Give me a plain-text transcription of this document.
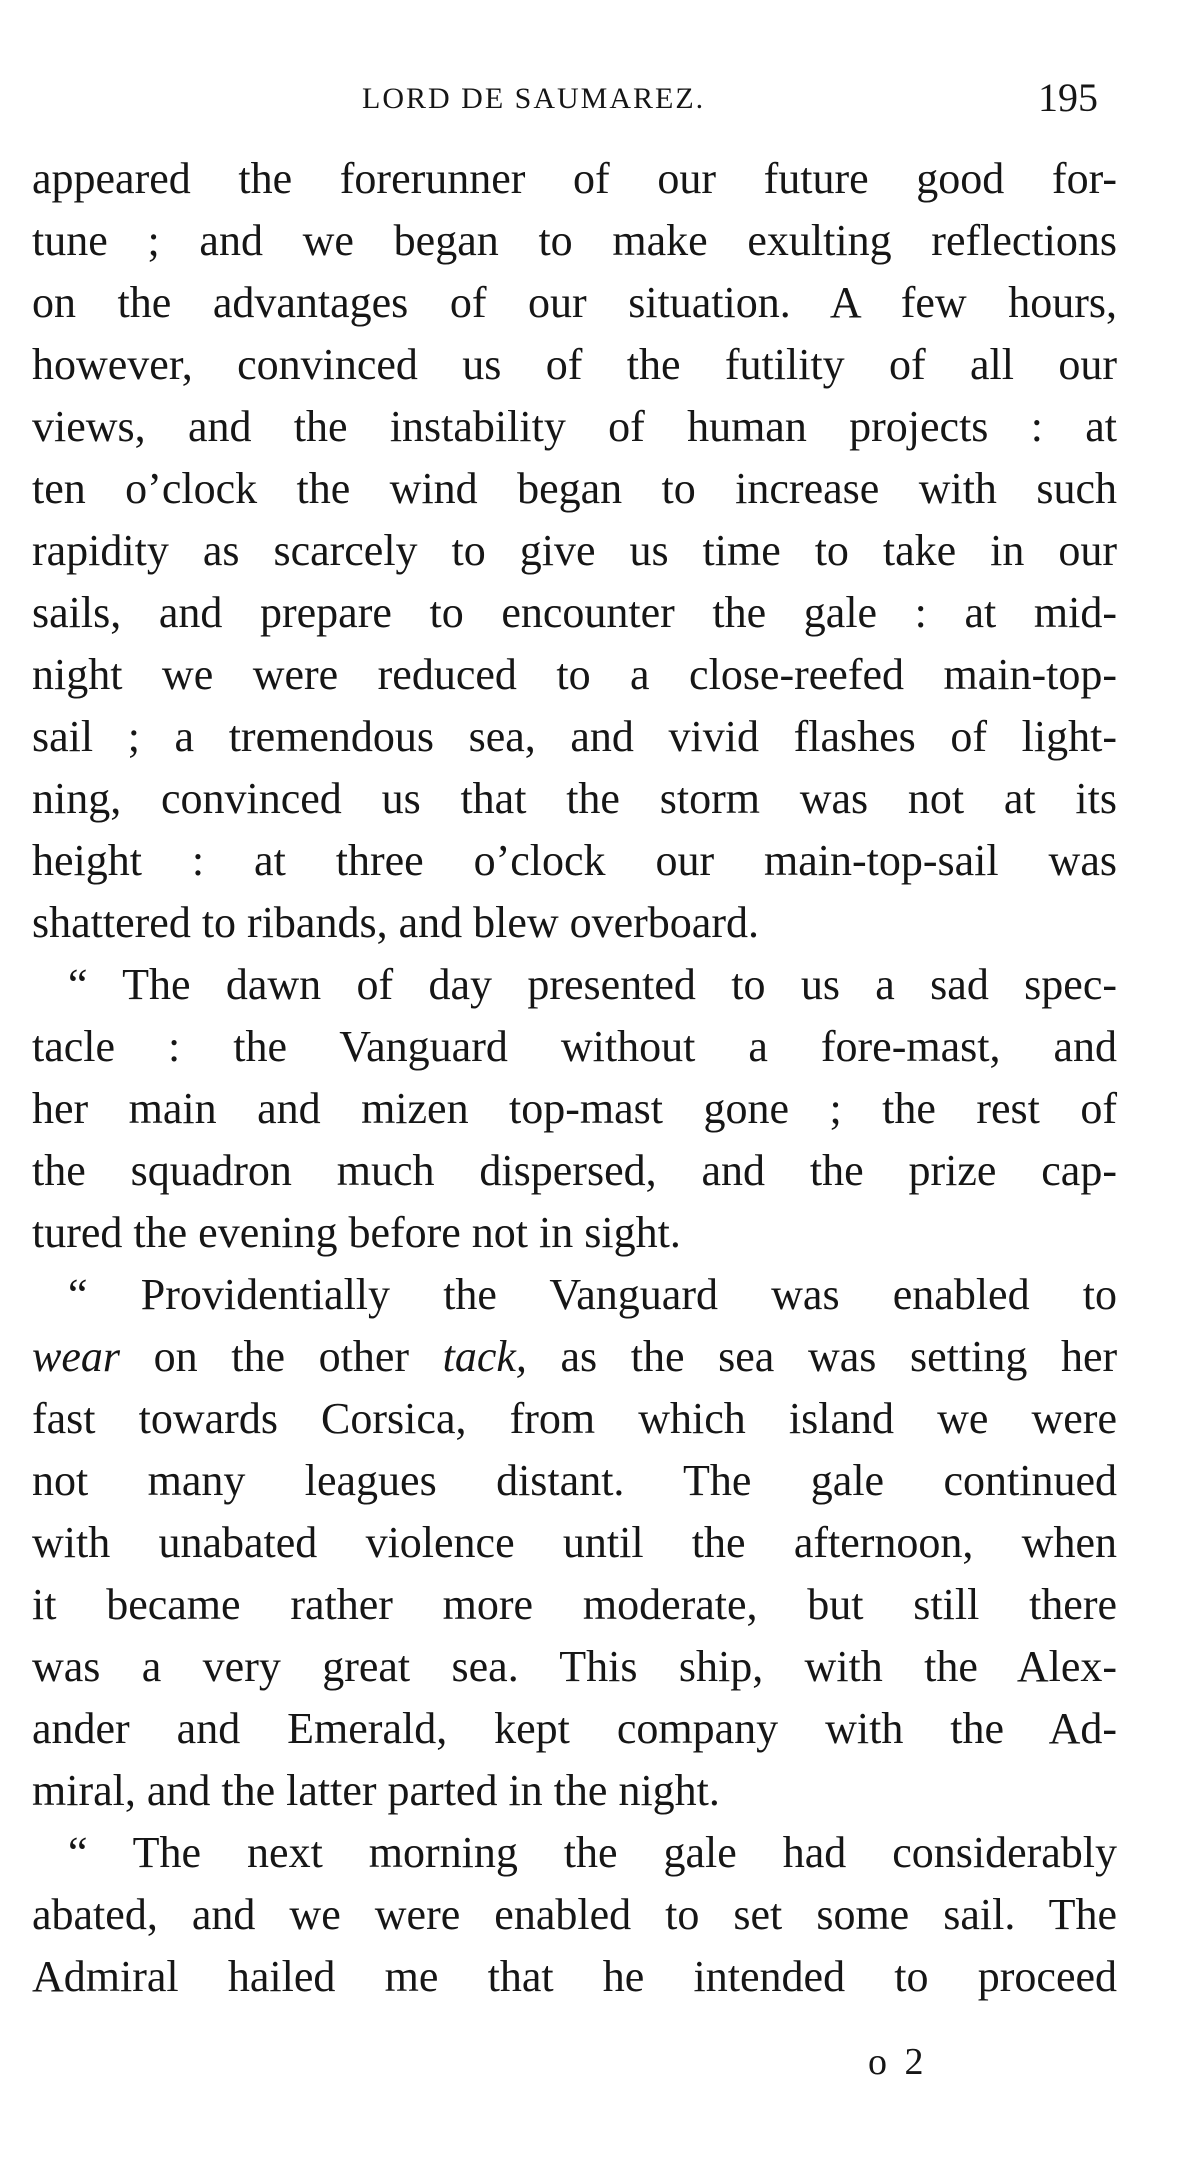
LORD DE SAUMAREZ.	195
appeared the forerunner of our future good for-
tune ; and we began to make exulting reflections
on the advantages of our situation. A few hours,
however, convinced us of the futility of all our
views, and the instability of human projects : at
ten o’clock the wind began to increase with such
rapidity as scarcely to give us time to take in our
sails, and prepare to encounter the gale : at mid-
night we were reduced to a close-reefed main-top-
sail ; a tremendous sea, and vivid flashes of light-
ning, convinced us that the storm was not at its
height : at three o’clock our main-top-sail was
shattered to ribands, and blew overboard.
“ The dawn of day presented to us a sad spec-
tacle : the Vanguard without a fore-mast, and
her main and mizen top-mast gone ; the rest of
the squadron much dispersed, and the prize cap-
tured the evening before not in sight.
“ Providentially the Vanguard was enabled to
wear on the other tack, as the sea was setting her
fast towards Corsica, from which island we were
not many leagues distant. The gale continued
with unabated violence until the afternoon, when
it became rather more moderate, but still there
was a very great sea. This ship, with the Alex-
ander and Emerald, kept company with the Ad-
miral, and the latter parted in the night.
“ The next morning the gale had considerably
abated, and we were enabled to set some sail. The
Admiral hailed me that he intended to proceed
o 2
